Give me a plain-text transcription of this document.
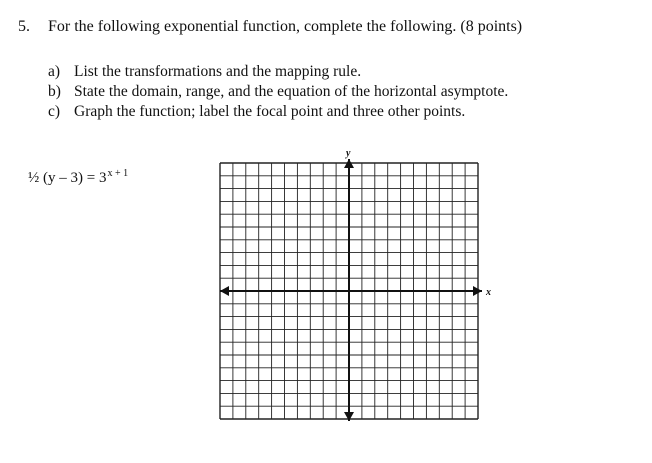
5. For the following exponential function, complete the following. (8 points)
a) List the transformations and the mapping rule.
b) State the domain, range, and the equation of the horizontal asymptote.
c) Graph the function; label the focal point and three other points.
½ $(y - 3) = 3^{x + 1}$
y
x
